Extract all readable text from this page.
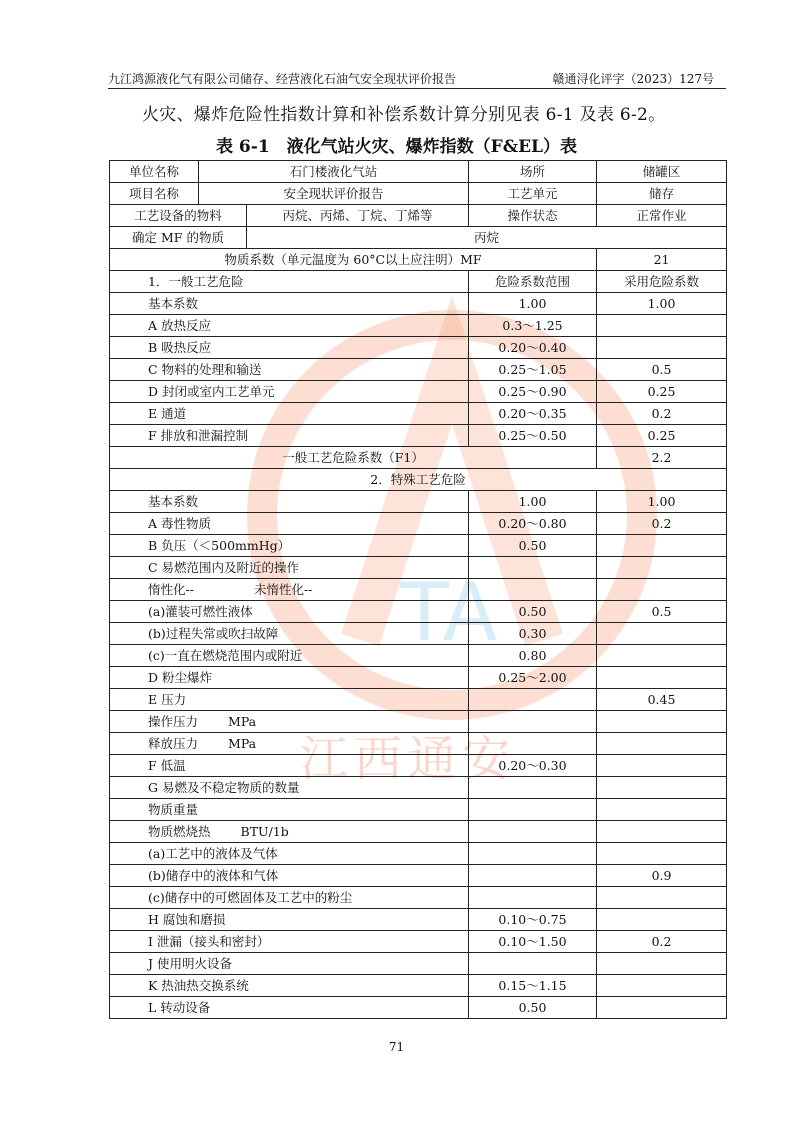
TA
江西通安
九江鸿源液化气有限公司储存、经营液化石油气安全现状评价报告	赣通浔化评字（2023）127号
火灾、爆炸危险性指数计算和补偿系数计算分别见表 6-1 及表 6-2。
表 6-1　液化气站火灾、爆炸指数（F&EL）表
单位名称	石门楼液化气站		场所	储罐区
项目名称	安全现状评价报告		工艺单元	储存
工艺设备的物料		丙烷、丙烯、丁烷、丁烯等	操作状态	正常作业
确定 MF 的物质		丙烷		
物质系数（单元温度为 60°C以上应注明）MF				21
1．一般工艺危险			危险系数范围	采用危险系数
基本系数			1.00	1.00
A 放热反应			0.3～1.25	
B 吸热反应			0.20～0.40	
C 物料的处理和输送			0.25～1.05	0.5
D 封闭或室内工艺单元			0.25～0.90	0.25
E 通道			0.20～0.35	0.2
F 排放和泄漏控制			0.25～0.50	0.25
一般工艺危险系数（F1）				2.2
2．特殊工艺危险				
基本系数			1.00	1.00
A 毒性物质			0.20～0.80	0.2
B 负压（＜500mmHg）			0.50	
C 易燃范围内及附近的操作				
惰性化-- 未惰性化--				
(a)灌装可燃性液体			0.50	0.5
(b)过程失常或吹扫故障			0.30	
(c)一直在燃烧范围内或附近			0.80	
D 粉尘爆炸			0.25～2.00	
E 压力				0.45
操作压力 MPa				
释放压力 MPa				
F 低温			0.20～0.30	
G 易燃及不稳定物质的数量				
物质重量				
物质燃烧热 BTU/1b				
(a)工艺中的液体及气体				
(b)储存中的液体和气体				0.9
(c)储存中的可燃固体及工艺中的粉尘				
H 腐蚀和磨损			0.10～0.75	
I 泄漏（接头和密封）			0.10～1.50	0.2
J 使用明火设备				
K 热油热交换系统			0.15～1.15	
L 转动设备			0.50	
71
